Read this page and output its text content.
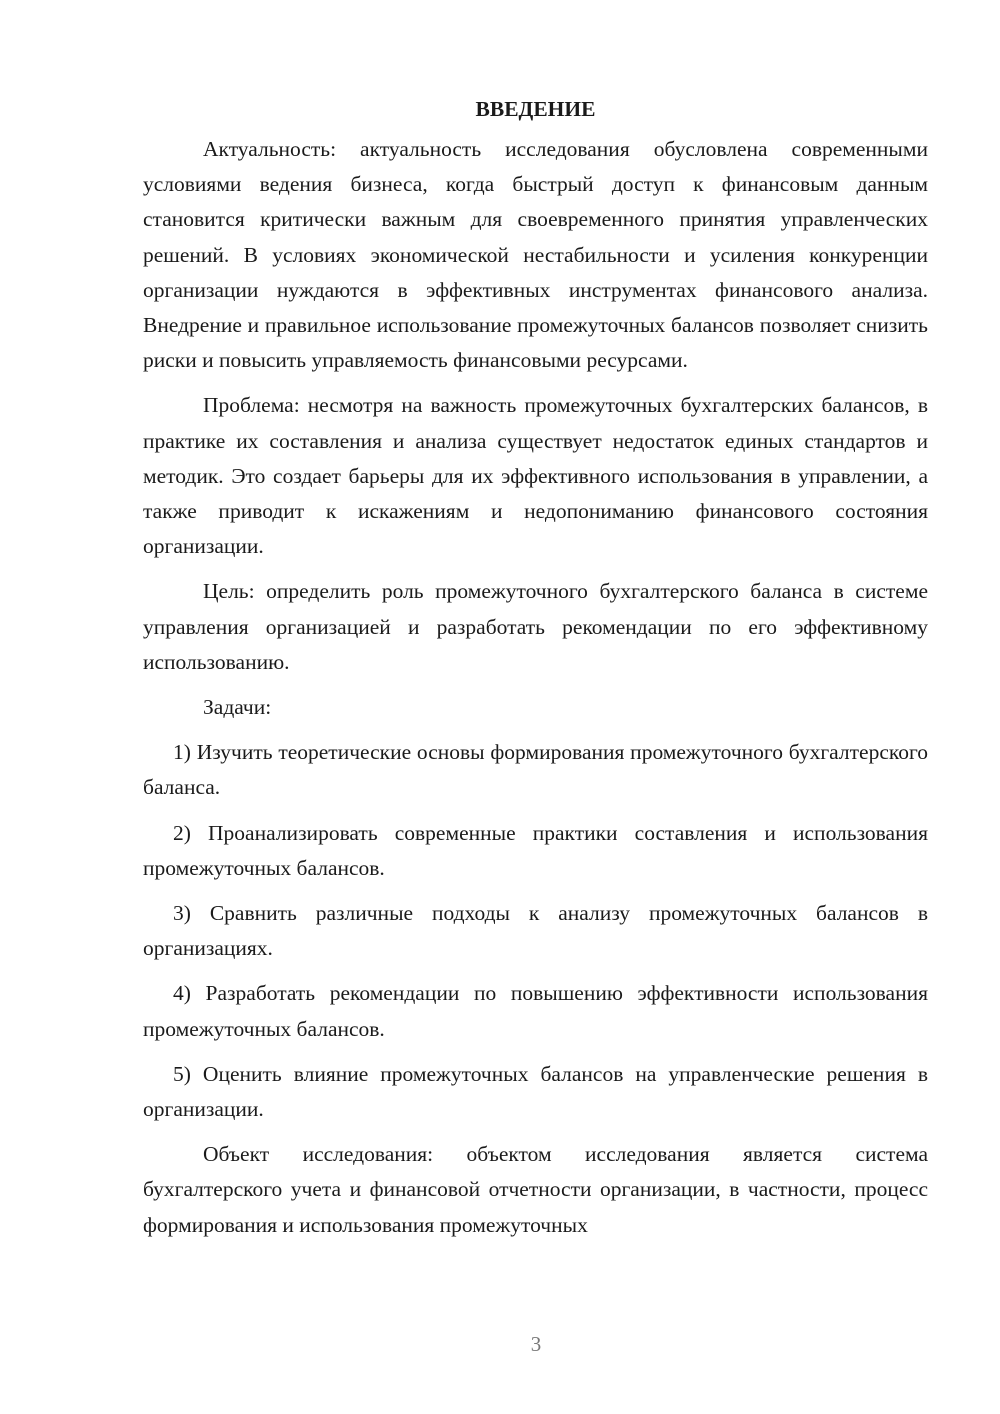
ВВЕДЕНИЕ

Актуальность: актуальность исследования обусловлена современными условиями ведения бизнеса, когда быстрый доступ к финансовым данным становится критически важным для своевременного принятия управленческих решений. В условиях экономической нестабильности и усиления конкуренции организации нуждаются в эффективных инструментах финансового анализа. Внедрение и правильное использование промежуточных балансов позволяет снизить риски и повысить управляемость финансовыми ресурсами.

Проблема: несмотря на важность промежуточных бухгалтерских балансов, в практике их составления и анализа существует недостаток единых стандартов и методик. Это создает барьеры для их эффективного использования в управлении, а также приводит к искажениям и недопониманию финансового состояния организации.

Цель: определить роль промежуточного бухгалтерского баланса в системе управления организацией и разработать рекомендации по его эффективному использованию.

Задачи:

1) Изучить теоретические основы формирования промежуточного бухгалтерского баланса.

2) Проанализировать современные практики составления и использования промежуточных балансов.

3) Сравнить различные подходы к анализу промежуточных балансов в организациях.

4) Разработать рекомендации по повышению эффективности использования промежуточных балансов.

5) Оценить влияние промежуточных балансов на управленческие решения в организации.

Объект исследования: объектом исследования является система бухгалтерского учета и финансовой отчетности организации, в частности, процесс формирования и использования промежуточных

3
